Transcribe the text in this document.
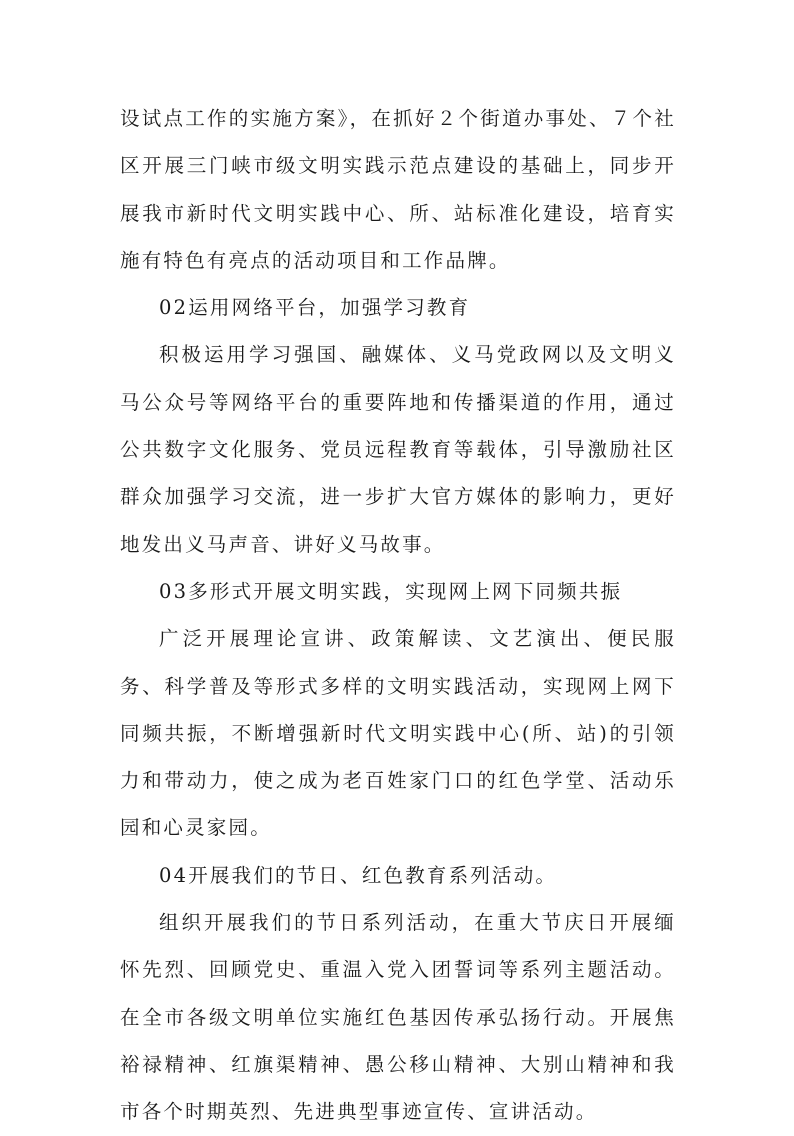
设试点工作的实施方案》，在抓好２个街道办事处、７个社区开展三门峡市级文明实践示范点建设的基础上，同步开展我市新时代文明实践中心、所、站标准化建设，培育实施有特色有亮点的活动项目和工作品牌。

02运用网络平台，加强学习教育

积极运用学习强国、融媒体、义马党政网以及文明义马公众号等网络平台的重要阵地和传播渠道的作用，通过公共数字文化服务、党员远程教育等载体，引导激励社区群众加强学习交流，进一步扩大官方媒体的影响力，更好地发出义马声音、讲好义马故事。

03多形式开展文明实践，实现网上网下同频共振

广泛开展理论宣讲、政策解读、文艺演出、便民服务、科学普及等形式多样的文明实践活动，实现网上网下同频共振，不断增强新时代文明实践中心(所、站)的引领力和带动力，使之成为老百姓家门口的红色学堂、活动乐园和心灵家园。

04开展我们的节日、红色教育系列活动。

组织开展我们的节日系列活动，在重大节庆日开展缅怀先烈、回顾党史、重温入党入团誓词等系列主题活动。在全市各级文明单位实施红色基因传承弘扬行动。开展焦裕禄精神、红旗渠精神、愚公移山精神、大别山精神和我市各个时期英烈、先进典型事迹宣传、宣讲活动。
